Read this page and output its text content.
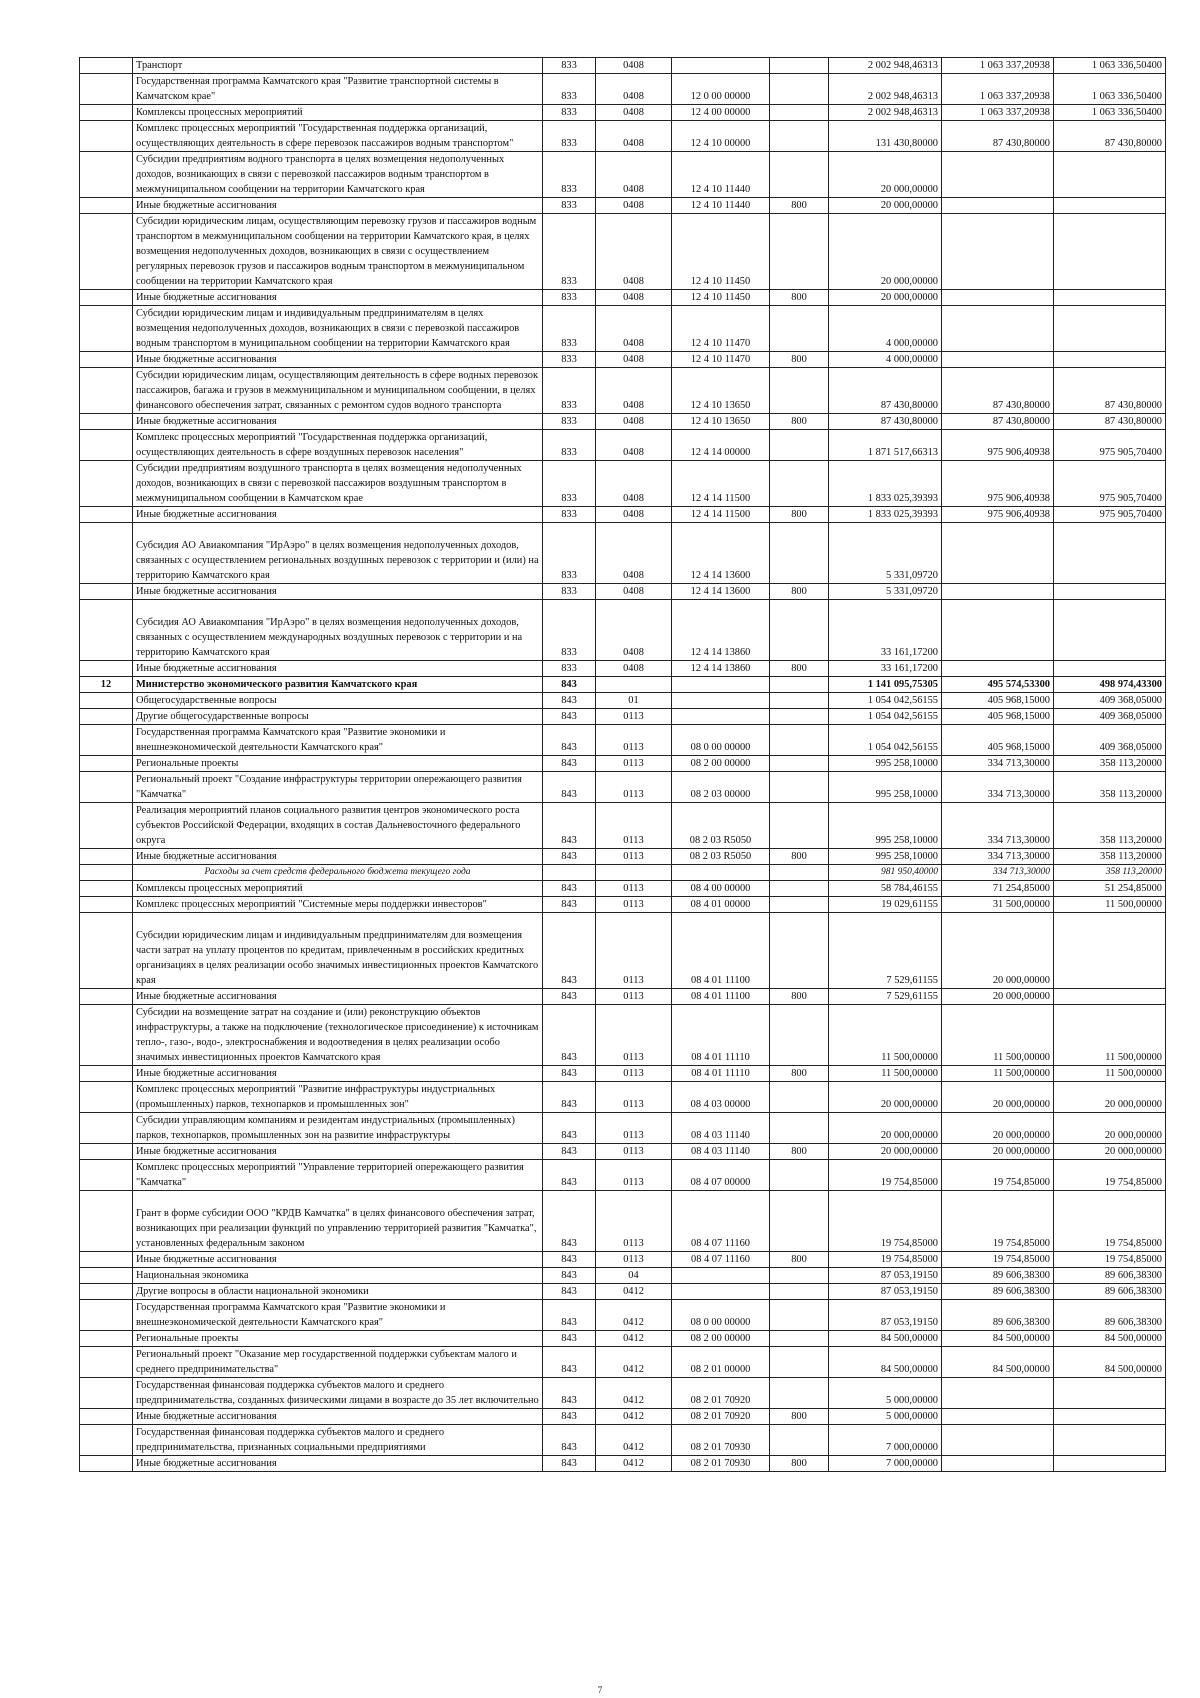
	Транспорт	833	0408			2 002 948,46313	1 063 337,20938	1 063 336,50400
	Государственная программа Камчатского края "Развитие транспортной системы в Камчатском крае"	833	0408	12 0 00 00000		2 002 948,46313	1 063 337,20938	1 063 336,50400
	Комплексы процессных мероприятий	833	0408	12 4 00 00000		2 002 948,46313	1 063 337,20938	1 063 336,50400
	Комплекс процессных мероприятий "Государственная поддержка организаций, осуществляющих деятельность в сфере перевозок пассажиров водным транспортом"	833	0408	12 4 10 00000		131 430,80000	87 430,80000	87 430,80000
	Субсидии предприятиям водного транспорта в целях возмещения недополученных доходов, возникающих в связи с перевозкой пассажиров водным транспортом в межмуниципальном сообщении на территории Камчатского края	833	0408	12 4 10 11440		20 000,00000		
	Иные бюджетные ассигнования	833	0408	12 4 10 11440	800	20 000,00000		
	Субсидии юридическим лицам, осуществляющим перевозку грузов и пассажиров водным транспортом в межмуниципальном сообщении на территории Камчатского края, в целях возмещения недополученных доходов, возникающих в связи с осуществлением регулярных перевозок грузов и пассажиров водным транспортом в межмуниципальном сообщении на территории Камчатского края	833	0408	12 4 10 11450		20 000,00000		
	Иные бюджетные ассигнования	833	0408	12 4 10 11450	800	20 000,00000		
	Субсидии юридическим лицам и индивидуальным предпринимателям в целях возмещения недополученных доходов, возникающих в связи с перевозкой пассажиров водным транспортом в муниципальном сообщении на территории Камчатского края	833	0408	12 4 10 11470		4 000,00000		
	Иные бюджетные ассигнования	833	0408	12 4 10 11470	800	4 000,00000		
	Субсидии юридическим лицам, осуществляющим деятельность в сфере водных перевозок пассажиров, багажа и грузов в межмуниципальном и муниципальном сообщении, в целях финансового обеспечения затрат, связанных с ремонтом судов водного транспорта	833	0408	12 4 10 13650		87 430,80000	87 430,80000	87 430,80000
	Иные бюджетные ассигнования	833	0408	12 4 10 13650	800	87 430,80000	87 430,80000	87 430,80000
	Комплекс процессных мероприятий "Государственная поддержка организаций, осуществляющих деятельность в сфере воздушных перевозок населения"	833	0408	12 4 14 00000		1 871 517,66313	975 906,40938	975 905,70400
	Субсидии предприятиям воздушного транспорта в целях возмещения недополученных доходов, возникающих в связи с перевозкой пассажиров воздушным транспортом в межмуниципальном сообщении в Камчатском крае	833	0408	12 4 14 11500		1 833 025,39393	975 906,40938	975 905,70400
	Иные бюджетные ассигнования	833	0408	12 4 14 11500	800	1 833 025,39393	975 906,40938	975 905,70400
	Субсидия АО Авиакомпания "ИрАэро" в целях возмещения недополученных доходов, связанных с осуществлением региональных воздушных перевозок с территории и (или) на территорию Камчатского края	833	0408	12 4 14 13600		5 331,09720		
	Иные бюджетные ассигнования	833	0408	12 4 14 13600	800	5 331,09720		
	Субсидия АО Авиакомпания "ИрАэро" в целях возмещения недополученных доходов, связанных с осуществлением международных воздушных перевозок с территории и на территорию Камчатского края	833	0408	12 4 14 13860		33 161,17200		
	Иные бюджетные ассигнования	833	0408	12 4 14 13860	800	33 161,17200		
12	Министерство экономического развития Камчатского края	843				1 141 095,75305	495 574,53300	498 974,43300
	Общегосударственные вопросы	843	01			1 054 042,56155	405 968,15000	409 368,05000
	Другие общегосударственные вопросы	843	0113			1 054 042,56155	405 968,15000	409 368,05000
	Государственная программа Камчатского края "Развитие экономики и внешнеэкономической деятельности Камчатского края"	843	0113	08 0 00 00000		1 054 042,56155	405 968,15000	409 368,05000
	Региональные проекты	843	0113	08 2 00 00000		995 258,10000	334 713,30000	358 113,20000
	Региональный проект "Создание инфраструктуры территории опережающего развития "Камчатка"	843	0113	08 2 03 00000		995 258,10000	334 713,30000	358 113,20000
	Реализация мероприятий планов социального развития центров экономического роста субъектов Российской Федерации, входящих в состав Дальневосточного федерального округа	843	0113	08 2 03 R5050		995 258,10000	334 713,30000	358 113,20000
	Иные бюджетные ассигнования	843	0113	08 2 03 R5050	800	995 258,10000	334 713,30000	358 113,20000
	Расходы за счет средств федерального бюджета текущего года					981 950,40000	334 713,30000	358 113,20000
	Комплексы процессных мероприятий	843	0113	08 4 00 00000		58 784,46155	71 254,85000	51 254,85000
	Комплекс процессных мероприятий "Системные меры поддержки инвесторов"	843	0113	08 4 01 00000		19 029,61155	31 500,00000	11 500,00000
	Субсидии юридическим лицам и индивидуальным предпринимателям для возмещения части затрат на уплату процентов по кредитам, привлеченным в российских кредитных организациях в целях реализации особо значимых инвестиционных проектов Камчатского края	843	0113	08 4 01 11100		7 529,61155	20 000,00000	
	Иные бюджетные ассигнования	843	0113	08 4 01 11100	800	7 529,61155	20 000,00000	
	Субсидии на возмещение затрат на создание и (или) реконструкцию объектов инфраструктуры, а также на подключение (технологическое присоединение) к источникам тепло-, газо-, водо-, электроснабжения и водоотведения в целях реализации особо значимых инвестиционных проектов Камчатского края	843	0113	08 4 01 11110		11 500,00000	11 500,00000	11 500,00000
	Иные бюджетные ассигнования	843	0113	08 4 01 11110	800	11 500,00000	11 500,00000	11 500,00000
	Комплекс процессных мероприятий "Развитие инфраструктуры индустриальных (промышленных) парков, технопарков и промышленных зон"	843	0113	08 4 03 00000		20 000,00000	20 000,00000	20 000,00000
	Субсидии управляющим компаниям и резидентам индустриальных (промышленных) парков, технопарков, промышленных зон на развитие инфраструктуры	843	0113	08 4 03 11140		20 000,00000	20 000,00000	20 000,00000
	Иные бюджетные ассигнования	843	0113	08 4 03 11140	800	20 000,00000	20 000,00000	20 000,00000
	Комплекс процессных мероприятий "Управление территорией опережающего развития "Камчатка"	843	0113	08 4 07 00000		19 754,85000	19 754,85000	19 754,85000
	Грант в форме субсидии ООО "КРДВ Камчатка" в целях финансового обеспечения затрат, возникающих при реализации функций по управлению территорией развития "Камчатка", установленных федеральным законом	843	0113	08 4 07 11160		19 754,85000	19 754,85000	19 754,85000
	Иные бюджетные ассигнования	843	0113	08 4 07 11160	800	19 754,85000	19 754,85000	19 754,85000
	Национальная экономика	843	04			87 053,19150	89 606,38300	89 606,38300
	Другие вопросы в области национальной экономики	843	0412			87 053,19150	89 606,38300	89 606,38300
	Государственная программа Камчатского края "Развитие экономики и внешнеэкономической деятельности Камчатского края"	843	0412	08 0 00 00000		87 053,19150	89 606,38300	89 606,38300
	Региональные проекты	843	0412	08 2 00 00000		84 500,00000	84 500,00000	84 500,00000
	Региональный проект "Оказание мер государственной поддержки субъектам малого и среднего предпринимательства"	843	0412	08 2 01 00000		84 500,00000	84 500,00000	84 500,00000
	Государственная финансовая поддержка субъектов малого и среднего предпринимательства, созданных физическими лицами в возрасте до 35 лет включительно	843	0412	08 2 01 70920		5 000,00000		
	Иные бюджетные ассигнования	843	0412	08 2 01 70920	800	5 000,00000		
	Государственная финансовая поддержка субъектов малого и среднего предпринимательства, признанных социальными предприятиями	843	0412	08 2 01 70930		7 000,00000		
	Иные бюджетные ассигнования	843	0412	08 2 01 70930	800	7 000,00000		
7
